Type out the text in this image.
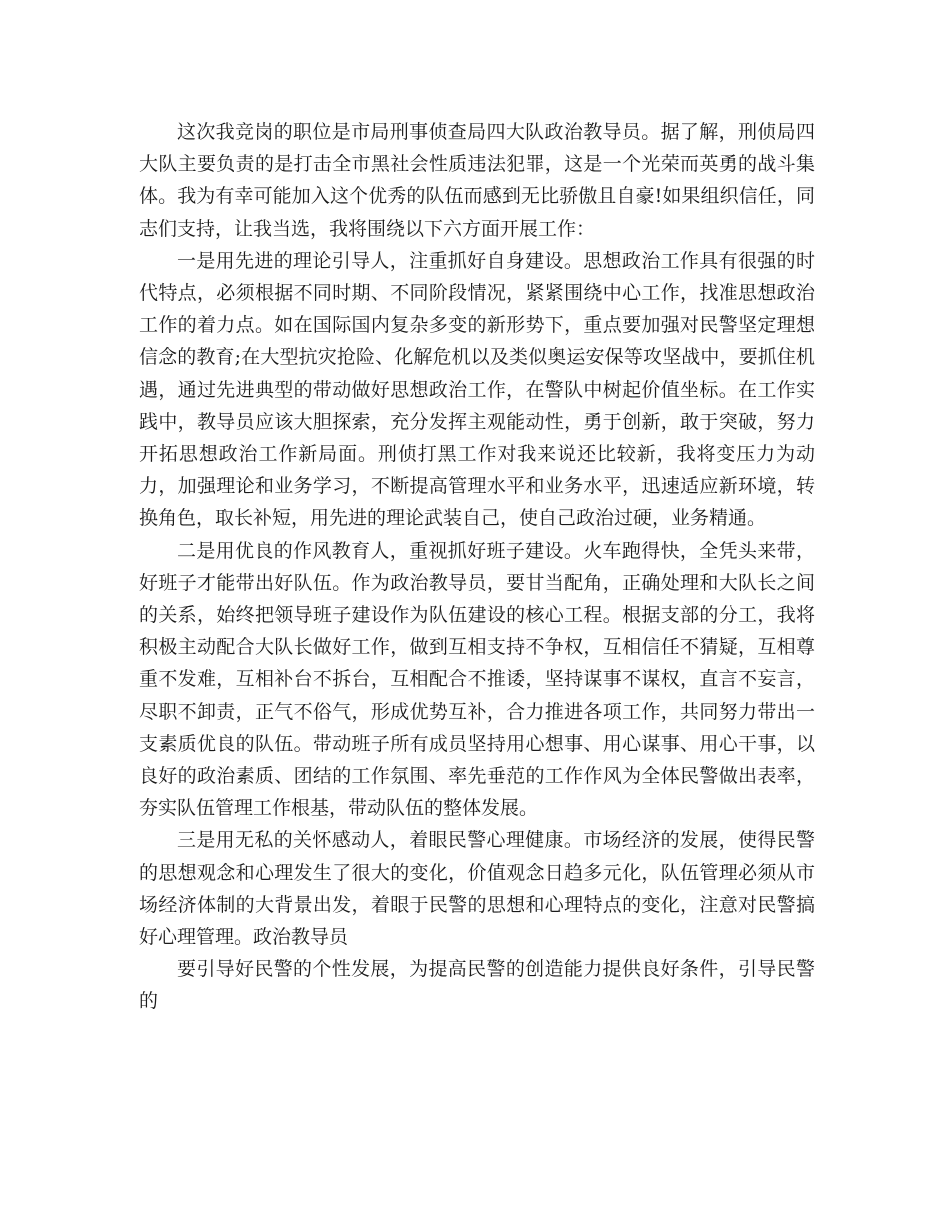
这次我竞岗的职位是市局刑事侦查局四大队政治教导员。据了解，刑侦局四大队主要负责的是打击全市黑社会性质违法犯罪，这是一个光荣而英勇的战斗集体。我为有幸可能加入这个优秀的队伍而感到无比骄傲且自豪!如果组织信任，同志们支持，让我当选，我将围绕以下六方面开展工作：

一是用先进的理论引导人，注重抓好自身建设。思想政治工作具有很强的时代特点，必须根据不同时期、不同阶段情况，紧紧围绕中心工作，找准思想政治工作的着力点。如在国际国内复杂多变的新形势下，重点要加强对民警坚定理想信念的教育;在大型抗灾抢险、化解危机以及类似奥运安保等攻坚战中，要抓住机遇，通过先进典型的带动做好思想政治工作，在警队中树起价值坐标。在工作实践中，教导员应该大胆探索，充分发挥主观能动性，勇于创新，敢于突破，努力开拓思想政治工作新局面。刑侦打黑工作对我来说还比较新，我将变压力为动力，加强理论和业务学习，不断提高管理水平和业务水平，迅速适应新环境，转换角色，取长补短，用先进的理论武装自己，使自己政治过硬，业务精通。

二是用优良的作风教育人，重视抓好班子建设。火车跑得快，全凭头来带，好班子才能带出好队伍。作为政治教导员，要甘当配角，正确处理和大队长之间的关系，始终把领导班子建设作为队伍建设的核心工程。根据支部的分工，我将积极主动配合大队长做好工作，做到互相支持不争权，互相信任不猜疑，互相尊重不发难，互相补台不拆台，互相配合不推诿，坚持谋事不谋权，直言不妄言，尽职不卸责，正气不俗气，形成优势互补，合力推进各项工作，共同努力带出一支素质优良的队伍。带动班子所有成员坚持用心想事、用心谋事、用心干事，以良好的政治素质、团结的工作氛围、率先垂范的工作作风为全体民警做出表率，夯实队伍管理工作根基，带动队伍的整体发展。

三是用无私的关怀感动人，着眼民警心理健康。市场经济的发展，使得民警的思想观念和心理发生了很大的变化，价值观念日趋多元化，队伍管理必须从市场经济体制的大背景出发，着眼于民警的思想和心理特点的变化，注意对民警搞好心理管理。政治教导员

要引导好民警的个性发展，为提高民警的创造能力提供良好条件，引导民警的
